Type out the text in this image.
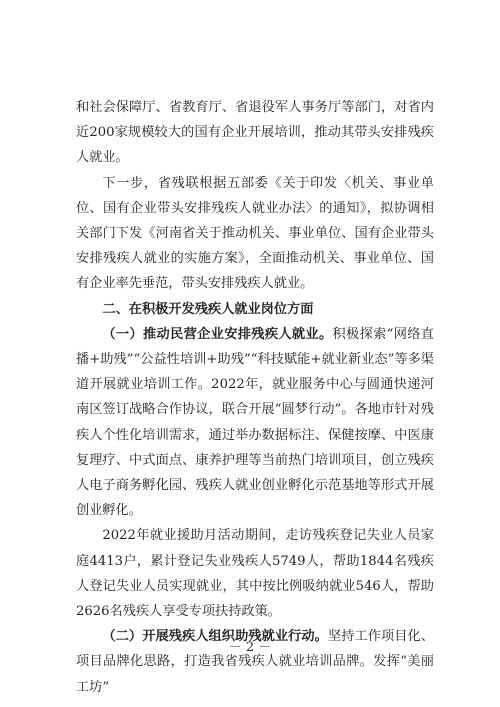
和社会保障厅、省教育厅、省退役军人事务厅等部门，对省内近200家规模较大的国有企业开展培训，推动其带头安排残疾人就业。

下一步，省残联根据五部委《关于印发〈机关、事业单位、国有企业带头安排残疾人就业办法〉的通知》，拟协调相关部门下发《河南省关于推动机关、事业单位、国有企业带头安排残疾人就业的实施方案》，全面推动机关、事业单位、国有企业率先垂范，带头安排残疾人就业。

二、在积极开发残疾人就业岗位方面

（一）推动民营企业安排残疾人就业。积极探索“网络直播+助残”“公益性培训+助残”“科技赋能+就业新业态”等多渠道开展就业培训工作。2022年，就业服务中心与圆通快递河南区签订战略合作协议，联合开展“圆梦行动”。各地市针对残疾人个性化培训需求，通过举办数据标注、保健按摩、中医康复理疗、中式面点、康养护理等当前热门培训项目，创立残疾人电子商务孵化园、残疾人就业创业孵化示范基地等形式开展创业孵化。

2022年就业援助月活动期间，走访残疾登记失业人员家庭4413户，累计登记失业残疾人5749人，帮助1844名残疾人登记失业人员实现就业，其中按比例吸纳就业546人，帮助2626名残疾人享受专项扶持政策。

（二）开展残疾人组织助残就业行动。坚持工作项目化、项目品牌化思路，打造我省残疾人就业培训品牌。发挥“美丽工坊”

－ 2 －
